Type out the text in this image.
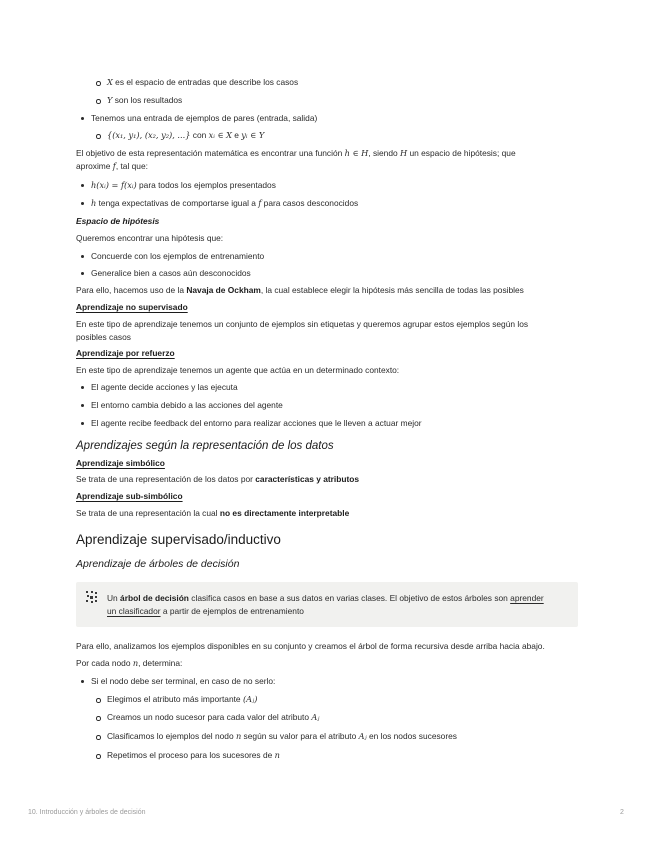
X es el espacio de entradas que describe los casos
Y son los resultados
Tenemos una entrada de ejemplos de pares (entrada, salida)
{(x₁, y₁), (x₂, y₂), ...} con xᵢ ∈ X e yᵢ ∈ Y
El objetivo de esta representación matemática es encontrar una función h ∈ H, siendo H un espacio de hipótesis; que
aproxime f, tal que:
h(xᵢ) = f(xᵢ) para todos los ejemplos presentados
h tenga expectativas de comportarse igual a f para casos desconocidos
Espacio de hipótesis
Queremos encontrar una hipótesis que:
Concuerde con los ejemplos de entrenamiento
Generalice bien a casos aún desconocidos
Para ello, hacemos uso de la Navaja de Ockham, la cual establece elegir la hipótesis más sencilla de todas las posibles
Aprendizaje no supervisado
En este tipo de aprendizaje tenemos un conjunto de ejemplos sin etiquetas y queremos agrupar estos ejemplos según los
posibles casos
Aprendizaje por refuerzo
En este tipo de aprendizaje tenemos un agente que actúa en un determinado contexto:
El agente decide acciones y las ejecuta
El entorno cambia debido a las acciones del agente
El agente recibe feedback del entorno para realizar acciones que le lleven a actuar mejor
Aprendizajes según la representación de los datos
Aprendizaje simbólico
Se trata de una representación de los datos por características y atributos
Aprendizaje sub-simbólico
Se trata de una representación la cual no es directamente interpretable
Aprendizaje supervisado/inductivo
Aprendizaje de árboles de decisión
Para ello, analizamos los ejemplos disponibles en su conjunto y creamos el árbol de forma recursiva desde arriba hacia abajo.
Por cada nodo n, determina:
Si el nodo debe ser terminal, en caso de no serlo:
Elegimos el atributo más importante (Aⱼ)
Creamos un nodo sucesor para cada valor del atributo Aⱼ
Clasificamos lo ejemplos del nodo n según su valor para el atributo Aⱼ en los nodos sucesores
Repetimos el proceso para los sucesores de n
Un árbol de decisión clasifica casos en base a sus datos en varias clases. El objetivo de estos árboles son aprender
un clasificador a partir de ejemplos de entrenamiento
10. Introducción y árboles de decisión	2
